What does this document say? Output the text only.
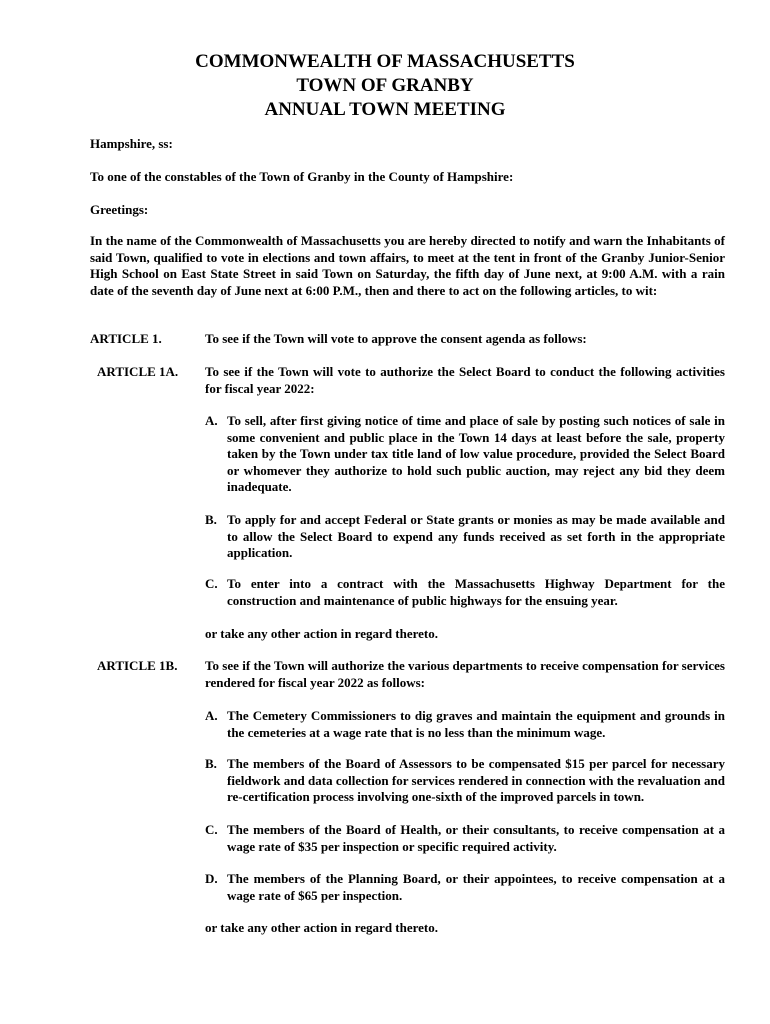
COMMONWEALTH OF MASSACHUSETTS
TOWN OF GRANBY
ANNUAL TOWN MEETING

Hampshire, ss:

To one of the constables of the Town of Granby in the County of Hampshire:

Greetings:

In the name of the Commonwealth of Massachusetts you are hereby directed to notify and warn the Inhabitants of said Town, qualified to vote in elections and town affairs, to meet at the tent in front of the Granby Junior-Senior High School on East State Street in said Town on Saturday, the fifth day of June next, at 9:00 A.M. with a rain date of the seventh day of June next at 6:00 P.M., then and there to act on the following articles, to wit:

ARTICLE 1.	To see if the Town will vote to approve the consent agenda as follows:
ARTICLE 1A. To see if the Town will vote to authorize the Select Board to conduct the following activities for fiscal year 2022:
A. To sell, after first giving notice of time and place of sale by posting such notices of sale in some convenient and public place in the Town 14 days at least before the sale, property taken by the Town under tax title land of low value procedure, provided the Select Board or whomever they authorize to hold such public auction, may reject any bid they deem inadequate.
B. To apply for and accept Federal or State grants or monies as may be made available and to allow the Select Board to expend any funds received as set forth in the appropriate application.
C. To enter into a contract with the Massachusetts Highway Department for the construction and maintenance of public highways for the ensuing year.
or take any other action in regard thereto.
ARTICLE 1B. To see if the Town will authorize the various departments to receive compensation for services rendered for fiscal year 2022 as follows:
A. The Cemetery Commissioners to dig graves and maintain the equipment and grounds in the cemeteries at a wage rate that is no less than the minimum wage.
B. The members of the Board of Assessors to be compensated $15 per parcel for necessary fieldwork and data collection for services rendered in connection with the revaluation and re-certification process involving one-sixth of the improved parcels in town.
C. The members of the Board of Health, or their consultants, to receive compensation at a wage rate of $35 per inspection or specific required activity.
D. The members of the Planning Board, or their appointees, to receive compensation at a wage rate of $65 per inspection.
or take any other action in regard thereto.
